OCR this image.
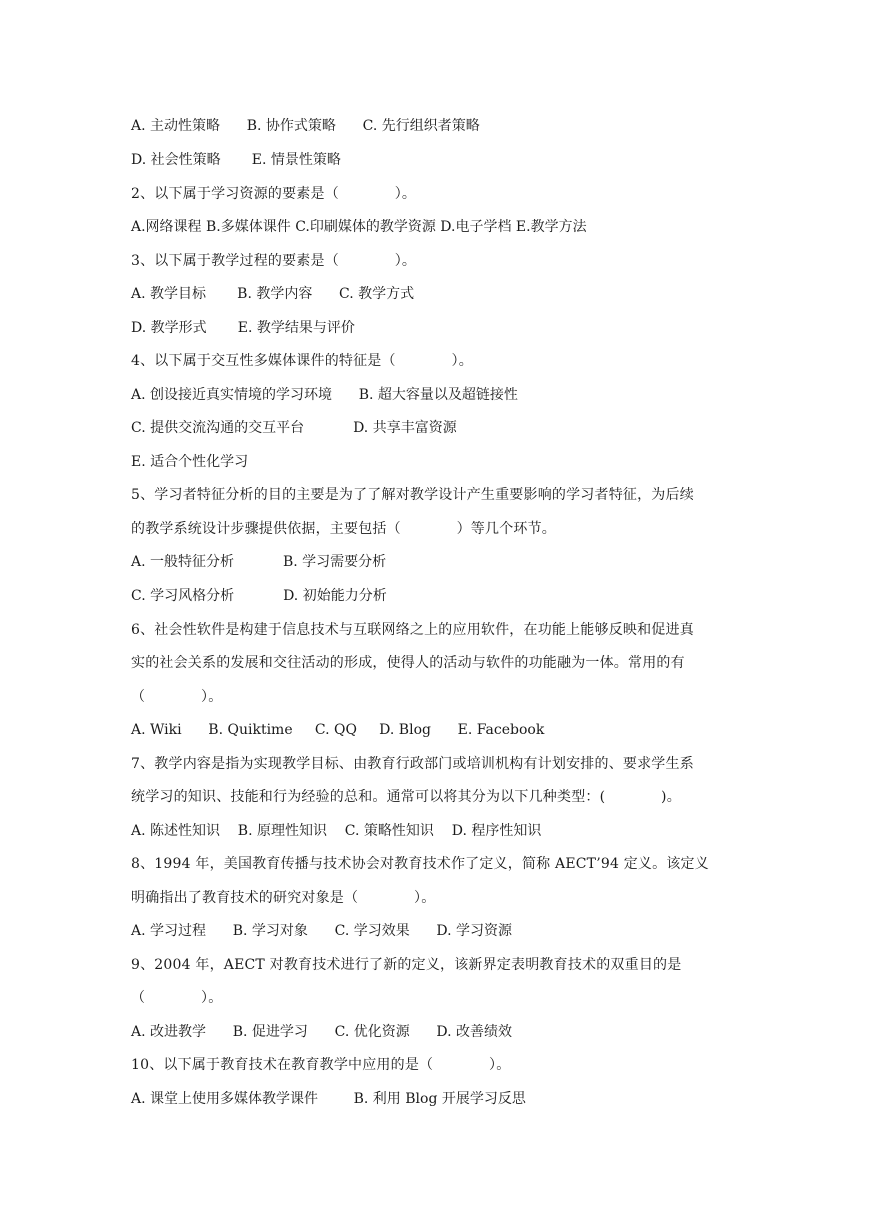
A. 主动性策略      B. 协作式策略      C. 先行组织者策略
D. 社会性策略       E. 情景性策略
2、以下属于学习资源的要素是（            ）。
A.网络课程 B.多媒体课件 C.印刷媒体的教学资源 D.电子学档 E.教学方法
3、以下属于教学过程的要素是（            ）。
A. 教学目标       B. 教学内容      C. 教学方式
D. 教学形式       E. 教学结果与评价
4、以下属于交互性多媒体课件的特征是（            ）。
A. 创设接近真实情境的学习环境      B. 超大容量以及超链接性
C. 提供交流沟通的交互平台           D. 共享丰富资源
E. 适合个性化学习
5、学习者特征分析的目的主要是为了了解对教学设计产生重要影响的学习者特征，为后续
的教学系统设计步骤提供依据，主要包括（            ）等几个环节。
A. 一般特征分析           B. 学习需要分析
C. 学习风格分析           D. 初始能力分析
6、社会性软件是构建于信息技术与互联网络之上的应用软件，在功能上能够反映和促进真
实的社会关系的发展和交往活动的形成，使得人的活动与软件的功能融为一体。常用的有
（            ）。
A. Wiki      B. Quiktime     C. QQ     D. Blog      E. Facebook
7、教学内容是指为实现教学目标、由教育行政部门或培训机构有计划安排的、要求学生系
统学习的知识、技能和行为经验的总和。通常可以将其分为以下几种类型：(            )。
A. 陈述性知识    B. 原理性知识    C. 策略性知识    D. 程序性知识
8、1994 年，美国教育传播与技术协会对教育技术作了定义，简称 AECT’94 定义。该定义
明确指出了教育技术的研究对象是（            ）。
A. 学习过程      B. 学习对象      C. 学习效果      D. 学习资源
9、2004 年，AECT 对教育技术进行了新的定义，该新界定表明教育技术的双重目的是
（            ）。
A. 改进教学      B. 促进学习      C. 优化资源      D. 改善绩效
10、以下属于教育技术在教育教学中应用的是（            ）。
A. 课堂上使用多媒体教学课件        B. 利用 Blog 开展学习反思
